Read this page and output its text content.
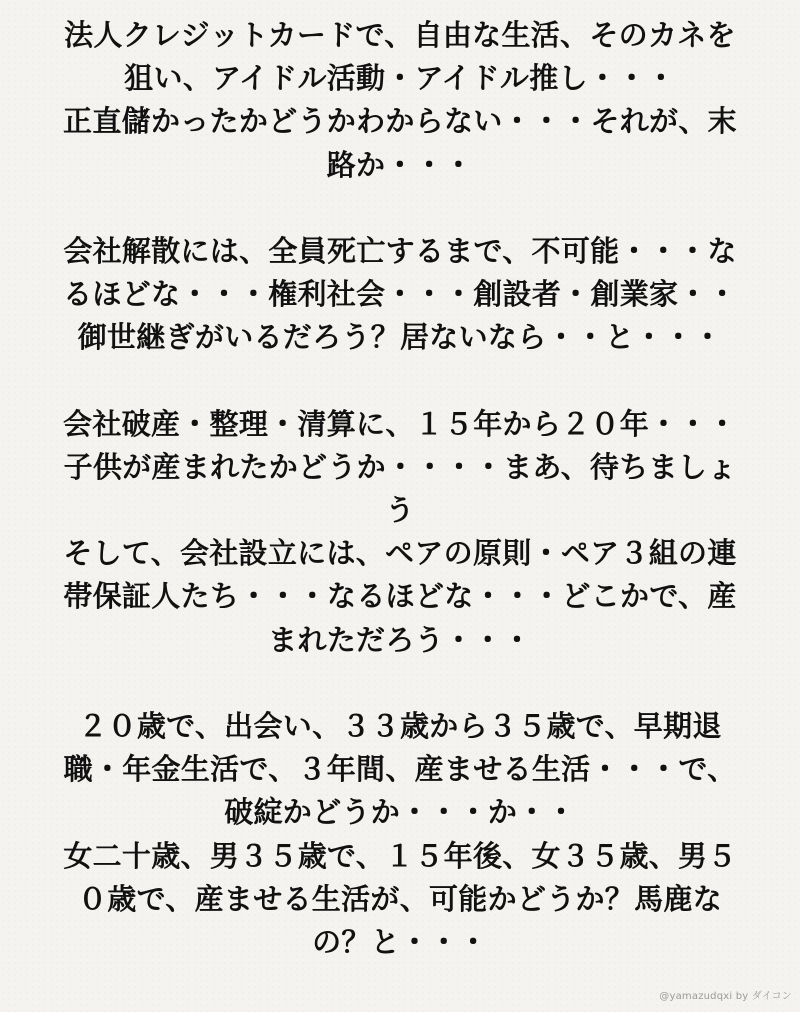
法人クレジットカードで、自由な生活、そのカネを
狙い、アイドル活動・アイドル推し・・・
正直儲かったかどうかわからない・・・それが、末
路か・・・
会社解散には、全員死亡するまで、不可能・・・な
るほどな・・・権利社会・・・創設者・創業家・・
御世継ぎがいるだろう？居ないなら・・と・・・
会社破産・整理・清算に、１５年から２０年・・・
子供が産まれたかどうか・・・・まあ、待ちましょ
う
そして、会社設立には、ペアの原則・ペア３組の連
帯保証人たち・・・なるほどな・・・どこかで、産
まれただろう・・・
２０歳で、出会い、３３歳から３５歳で、早期退
職・年金生活で、３年間、産ませる生活・・・で、
破綻かどうか・・・か・・
女二十歳、男３５歳で、１５年後、女３５歳、男５
０歳で、産ませる生活が、可能かどうか？馬鹿な
の？と・・・
@yamazudqxi by ダイコン
